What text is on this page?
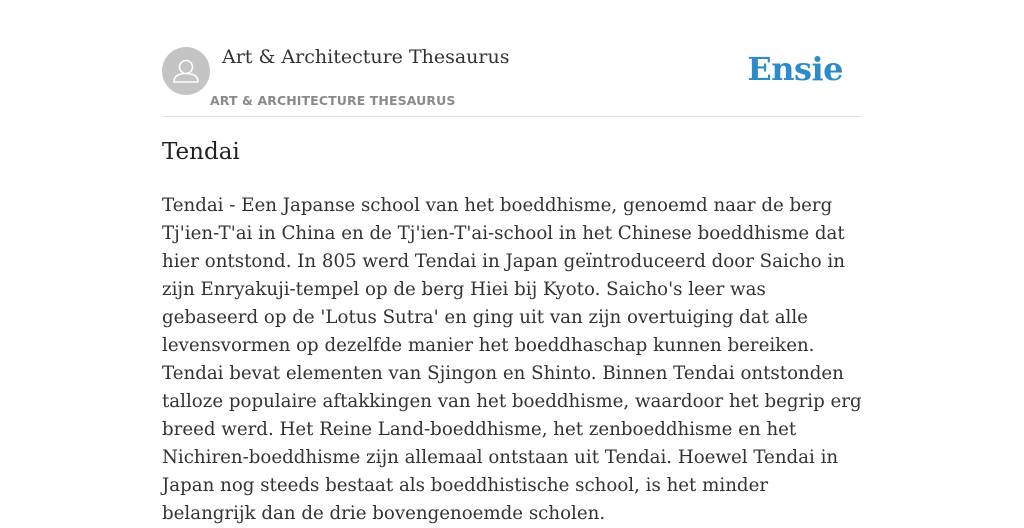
Art & Architecture Thesaurus
ART & ARCHITECTURE THESAURUS
Ensie
Tendai

Tendai - Een Japanse school van het boeddhisme, genoemd naar de berg Tj'ien-T'ai in China en de Tj'ien-T'ai-school in het Chinese boeddhisme dat hier ontstond. In 805 werd Tendai in Japan geïntroduceerd door Saicho in zijn Enryakuji-tempel op de berg Hiei bij Kyoto. Saicho's leer was gebaseerd op de 'Lotus Sutra' en ging uit van zijn overtuiging dat alle levensvormen op dezelfde manier het boeddhaschap kunnen bereiken. Tendai bevat elementen van Sjingon en Shinto. Binnen Tendai ontstonden talloze populaire aftakkingen van het boeddhisme, waardoor het begrip erg breed werd. Het Reine Land-boeddhisme, het zenboeddhisme en het Nichiren-boeddhisme zijn allemaal ontstaan uit Tendai. Hoewel Tendai in Japan nog steeds bestaat als boeddhistische school, is het minder belangrijk dan de drie bovengenoemde scholen.
